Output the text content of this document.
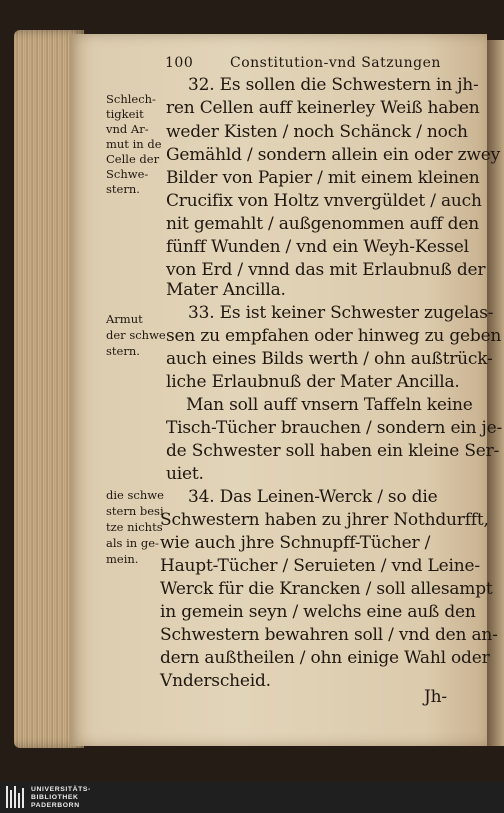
100	Constitution-vnd Satzungen
Schlech-
tigkeit
vnd Ar-
mut in de
Celle der
Schwe-
stern.
Armut
der schwe
stern.
die schwe
stern besi
tze nichts
als in ge-
mein.
32. Es sollen die Schwestern in jh-
ren Cellen auff keinerley Weiß haben
weder Kisten / noch Schänck / noch
Gemähld / sondern allein ein oder zwey
Bilder von Papier / mit einem kleinen
Crucifix von Holtz vnvergüldet / auch
nit gemahlt / außgenommen auff den
fünff Wunden / vnd ein Weyh-Kessel
von Erd / vnnd das mit Erlaubnuß der
Mater Ancilla.
33. Es ist keiner Schwester zugelas-
sen zu empfahen oder hinweg zu geben
auch eines Bilds werth / ohn außtrück-
liche Erlaubnuß der Mater Ancilla.
Man soll auff vnsern Taffeln keine
Tisch-Tücher brauchen / sondern ein je-
de Schwester soll haben ein kleine Ser-
uiet.
34. Das Leinen-Werck / so die
Schwestern haben zu jhrer Nothdurfft,
wie auch jhre Schnupff-Tücher /
Haupt-Tücher / Seruieten / vnd Leine-
Werck für die Krancken / soll allesampt
in gemein seyn / welchs eine auß den
Schwestern bewahren soll / vnd den an-
dern außtheilen / ohn einige Wahl oder
Vnderscheid.
Jh-
UNIVERSITÄTS-
BIBLIOTHEK
PADERBORN
